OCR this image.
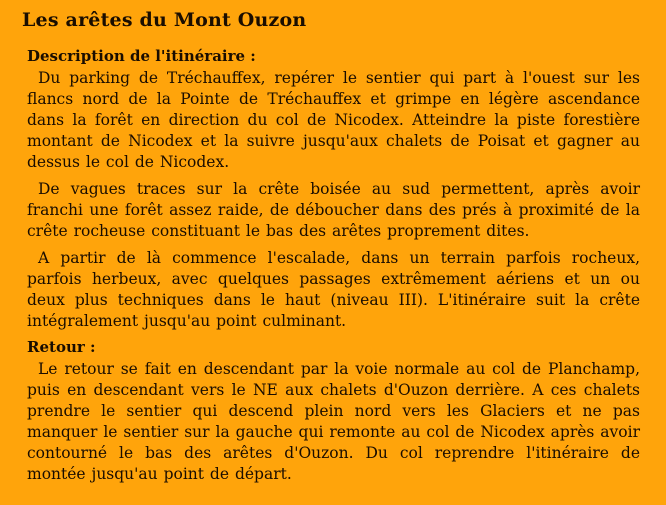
Les arêtes du Mont Ouzon
Description de l'itinéraire :

Du parking de Tréchauffex, repérer le sentier qui part à l'ouest sur les flancs nord de la Pointe de Tréchauffex et grimpe en légère ascendance dans la forêt en direction du col de Nicodex. Atteindre la piste forestière montant de Nicodex et la suivre jusqu'aux chalets de Poisat et gagner au dessus le col de Nicodex.

De vagues traces sur la crête boisée au sud permettent, après avoir franchi une forêt assez raide, de déboucher dans des prés à proximité de la crête rocheuse constituant le bas des arêtes proprement dites.

A partir de là commence l'escalade, dans un terrain parfois rocheux, parfois herbeux, avec quelques passages extrêmement aériens et un ou deux plus techniques dans le haut (niveau III). L'itinéraire suit la crête intégralement jusqu'au point culminant.

Retour :

Le retour se fait en descendant par la voie normale au col de Planchamp, puis en descendant vers le NE aux chalets d'Ouzon derrière. A ces chalets prendre le sentier qui descend plein nord vers les Glaciers et ne pas manquer le sentier sur la gauche qui remonte au col de Nicodex après avoir contourné le bas des arêtes d'Ouzon. Du col reprendre l'itinéraire de montée jusqu'au point de départ.
